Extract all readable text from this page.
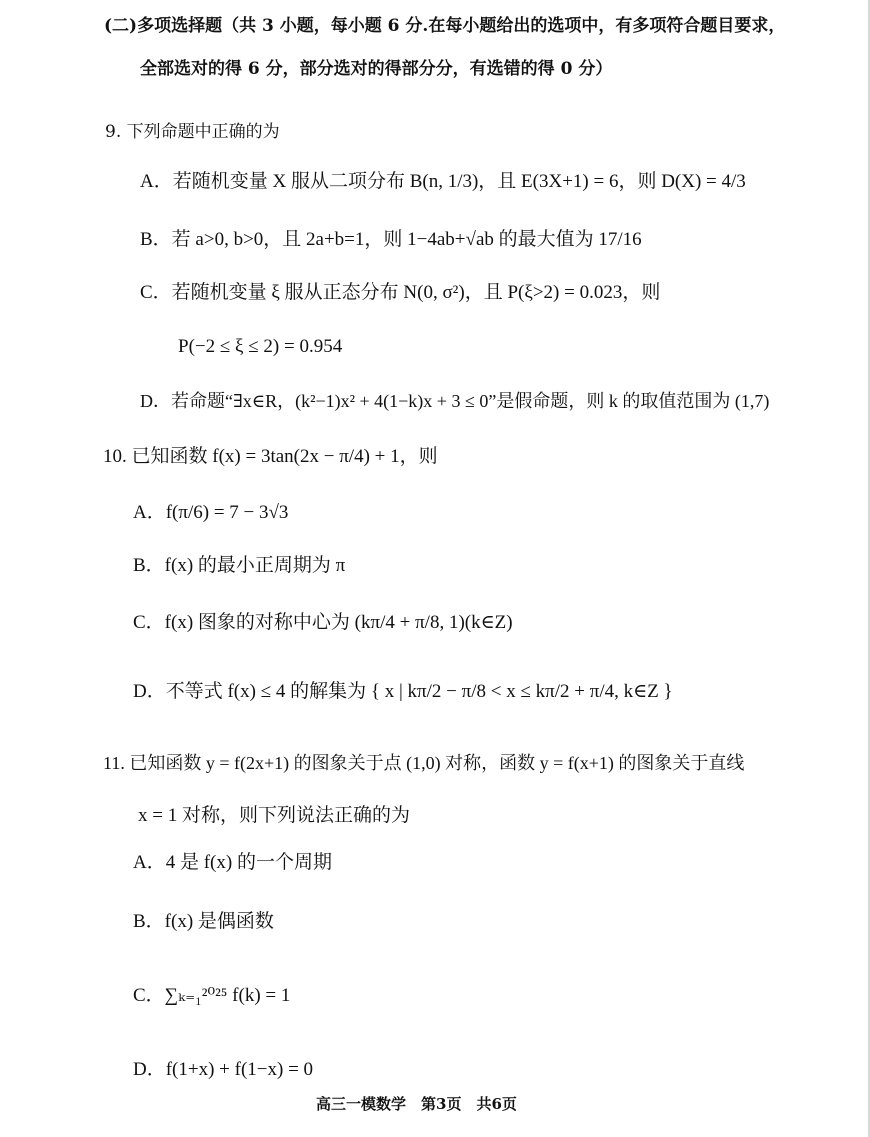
(二)多项选择题（共 3 小题，每小题 6 分.在每小题给出的选项中，有多项符合题目要求，
全部选对的得 6 分，部分选对的得部分分，有选错的得 0 分）
9. 下列命题中正确的为
A．若随机变量 X 服从二项分布 B(n, 1/3)，且 E(3X+1) = 6，则 D(X) = 4/3
B．若 a>0, b>0，且 2a+b=1，则 1−4ab+√ab 的最大值为 17/16
C．若随机变量 ξ 服从正态分布 N(0, σ²)，且 P(ξ>2) = 0.023，则
P(−2 ≤ ξ ≤ 2) = 0.954
D．若命题“∃x∈R，(k²−1)x² + 4(1−k)x + 3 ≤ 0”是假命题，则 k 的取值范围为 (1,7)
10. 已知函数 f(x) = 3tan(2x − π/4) + 1，则
A．f(π/6) = 7 − 3√3
B．f(x) 的最小正周期为 π
C．f(x) 图象的对称中心为 (kπ/4 + π/8, 1)(k∈Z)
D．不等式 f(x) ≤ 4 的解集为 { x | kπ/2 − π/8 < x ≤ kπ/2 + π/4, k∈Z }
11. 已知函数 y = f(2x+1) 的图象关于点 (1,0) 对称，函数 y = f(x+1) 的图象关于直线
x = 1 对称，则下列说法正确的为
A．4 是 f(x) 的一个周期
B．f(x) 是偶函数
C．∑ₖ₌₁²⁰²⁵ f(k) = 1
D．f(1+x) + f(1−x) = 0
高三一模数学　第3页　共6页
